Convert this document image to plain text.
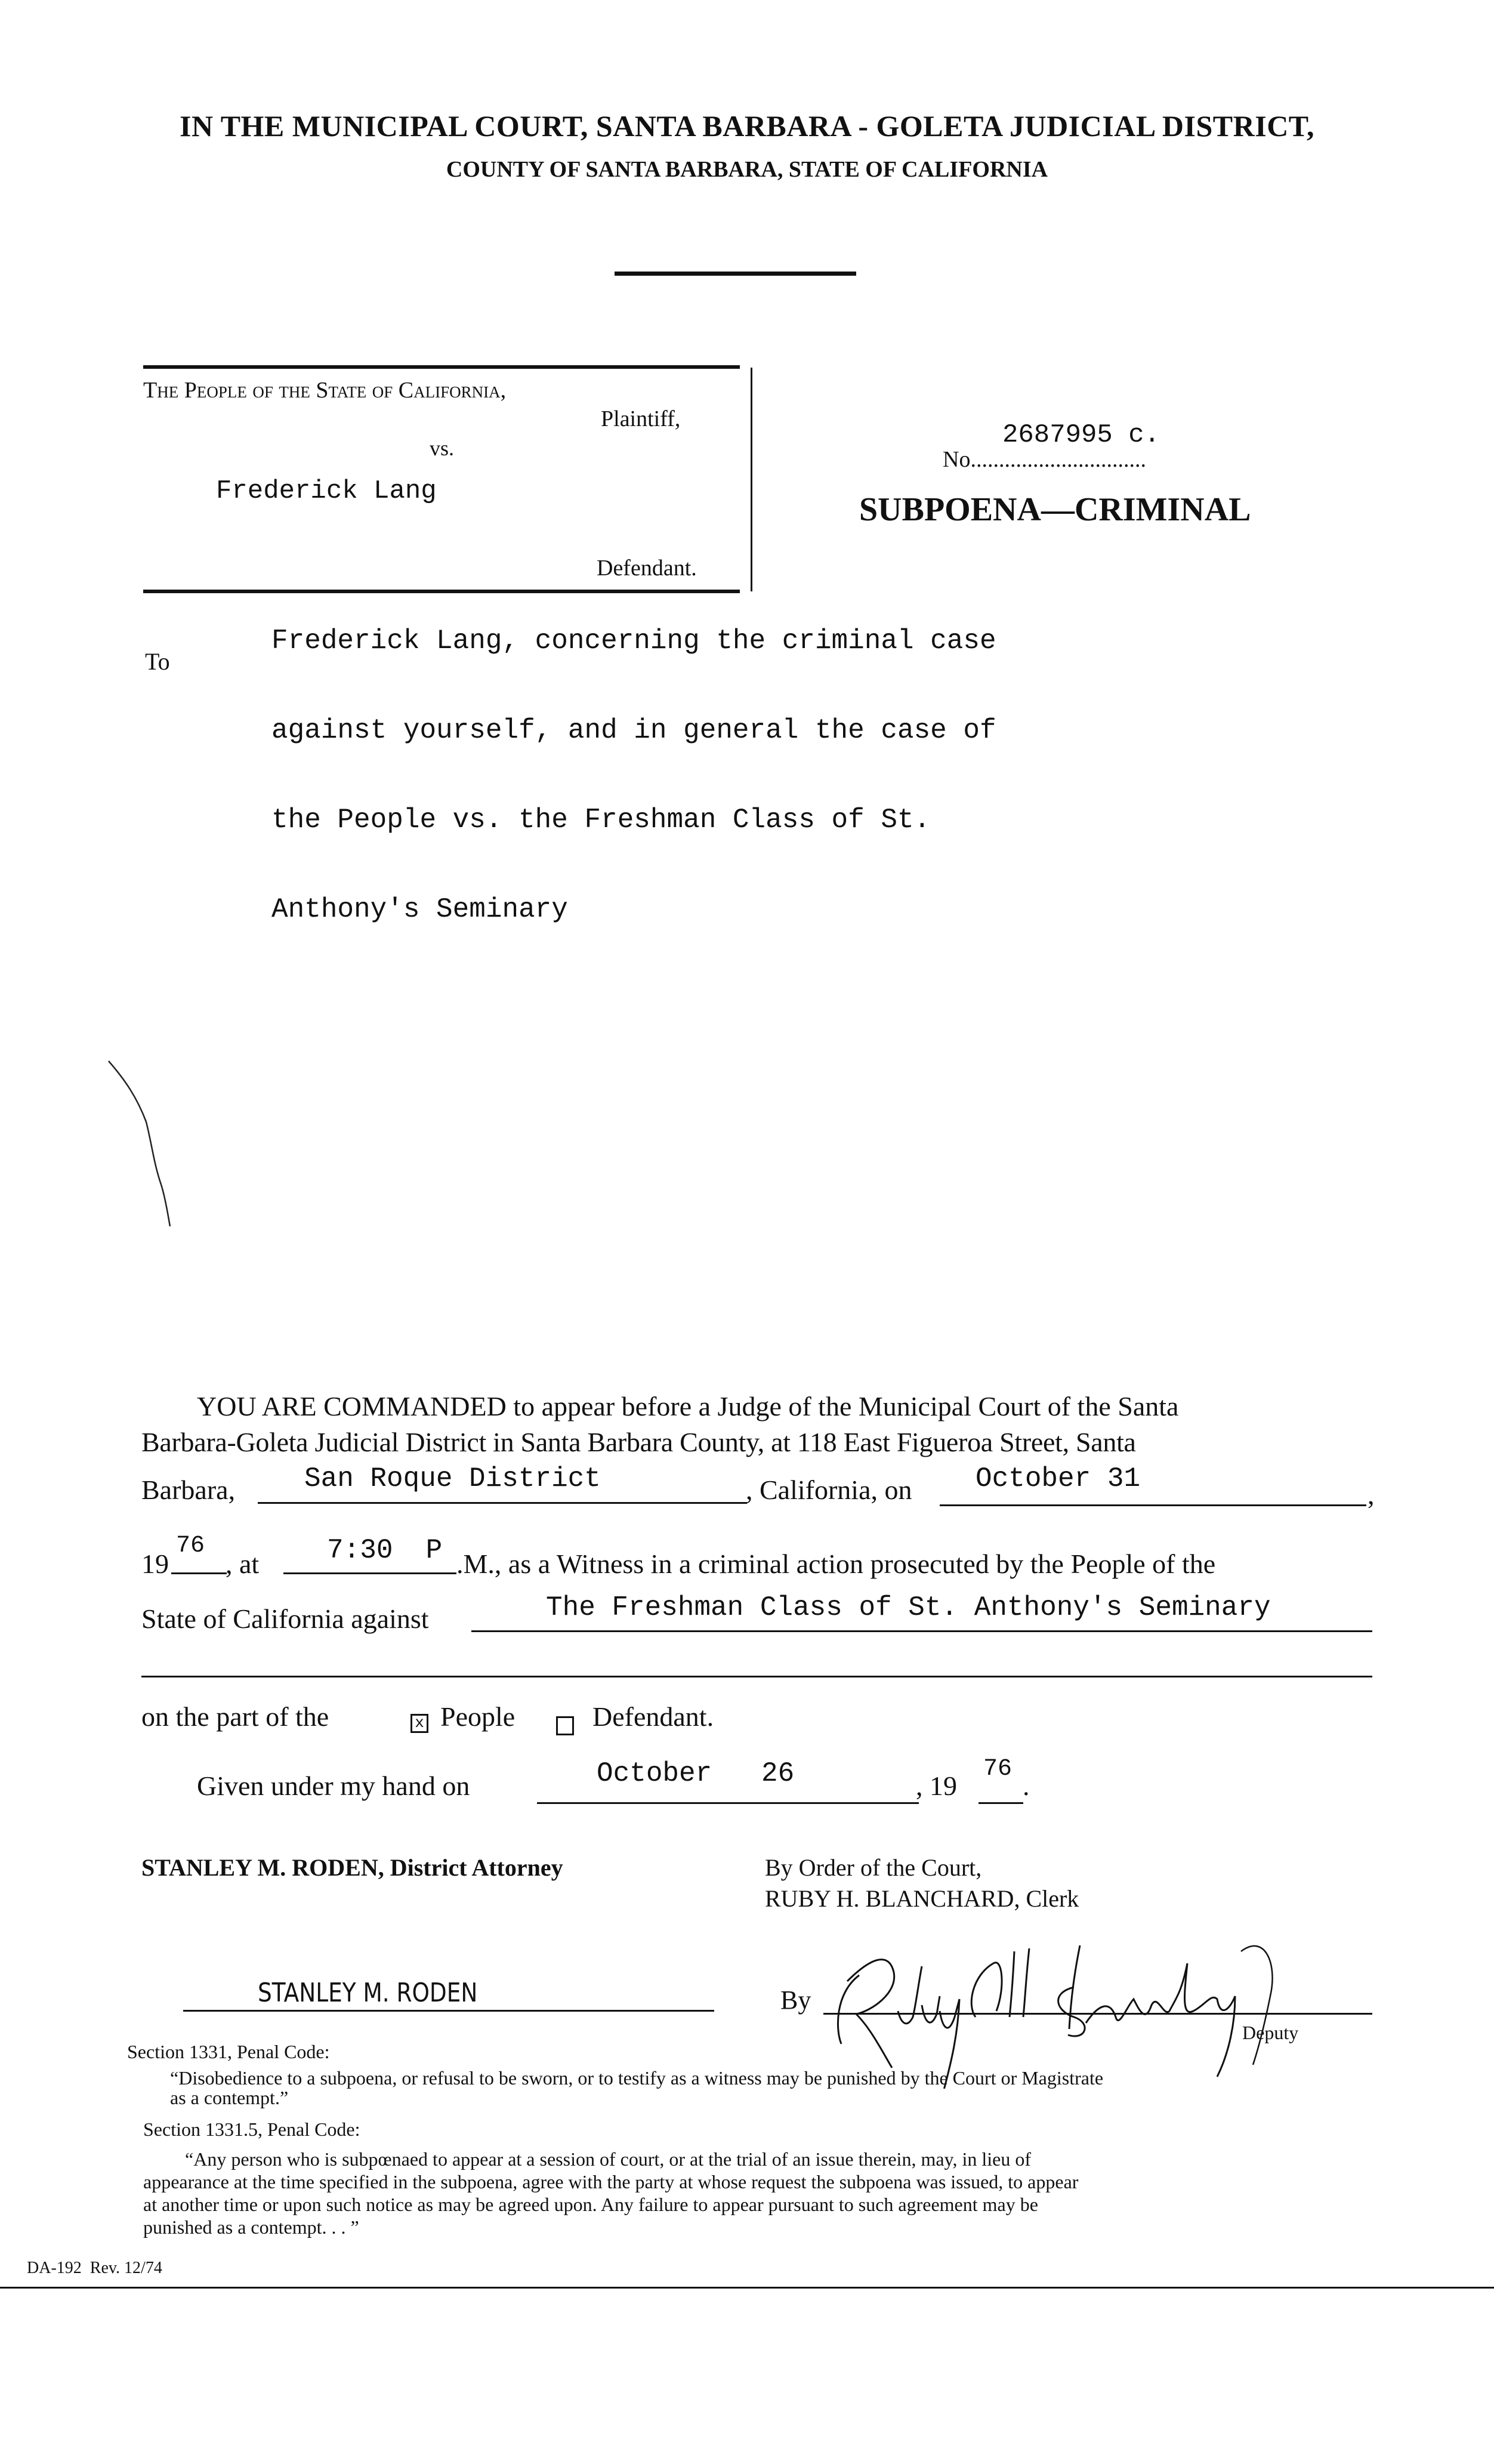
IN THE MUNICIPAL COURT, SANTA BARBARA - GOLETA JUDICIAL DISTRICT,
COUNTY OF SANTA BARBARA, STATE OF CALIFORNIA
The People of the State of California,
Plaintiff,
vs.
Frederick Lang
Defendant.
2687995 c.
No...............................
SUBPOENA—CRIMINAL
To
Frederick Lang, concerning the criminal case
against yourself, and in general the case of
the People vs. the Freshman Class of St.
Anthony's Seminary
YOU ARE COMMANDED to appear before a Judge of the Municipal Court of the Santa
Barbara-Goleta Judicial District in Santa Barbara County, at 118 East Figueroa Street, Santa
Barbara,	San Roque District	, California, on October 31
,
19
76
, at 7:30  P .M., as a Witness in a criminal action prosecuted by the People of the
State of California against	The Freshman Class of St. Anthony's Seminary
on the part of the	x People	Defendant.
Given under my hand on	October   26	, 19
76
.
STANLEY M. RODEN, District Attorney	By Order of the Court,
RUBY H. BLANCHARD, Clerk
STANLEY M. RODEN	By
Deputy
Section 1331, Penal Code:
“Disobedience to a subpoena, or refusal to be sworn, or to testify as a witness may be punished by the Court or Magistrate
as a contempt.”
Section 1331.5, Penal Code:
“Any person who is subpœnaed to appear at a session of court, or at the trial of an issue therein, may, in lieu of
appearance at the time specified in the subpoena, agree with the party at whose request the subpoena was issued, to appear
at another time or upon such notice as may be agreed upon. Any failure to appear pursuant to such agreement may be
punished as a contempt. . . ”
DA-192  Rev. 12/74
